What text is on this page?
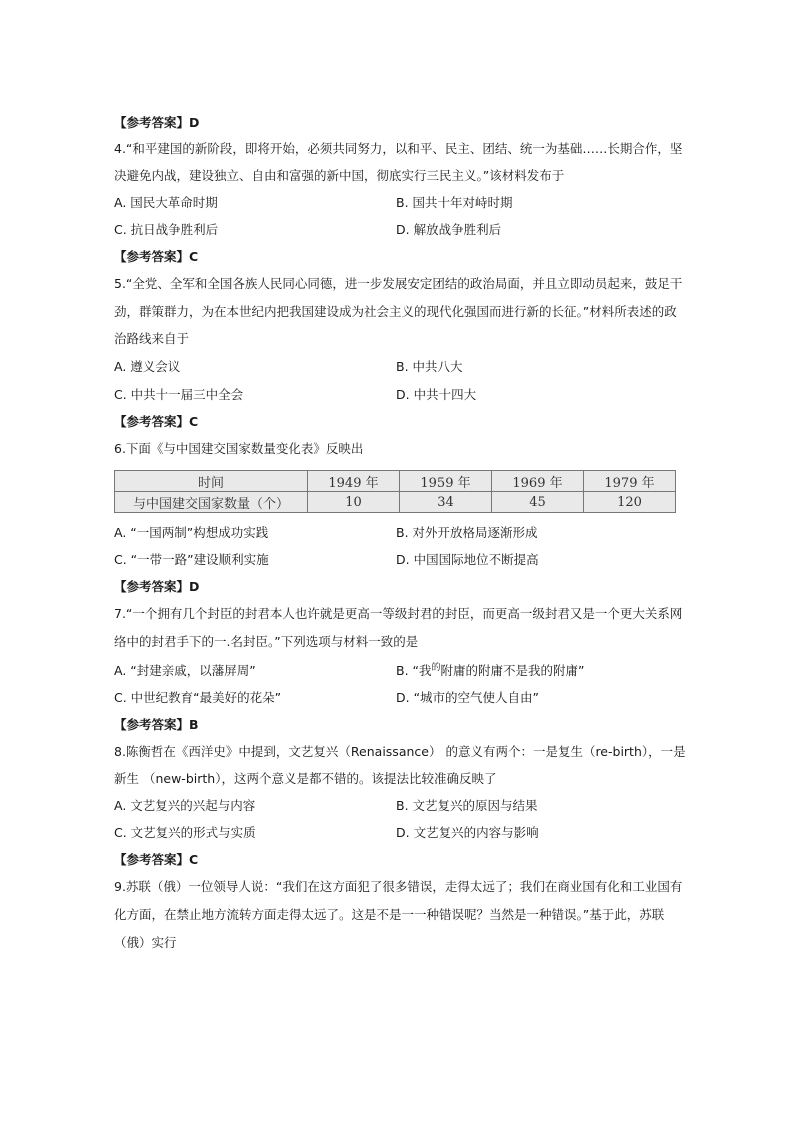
【参考答案】D
4.“和平建国的新阶段，即将开始，必须共同努力，以和平、民主、团结、统一为基础……长期合作，坚
决避免内战，建设独立、自由和富强的新中国，彻底实行三民主义。”该材料发布于
A. 国民大革命时期	B. 国共十年对峙时期
C. 抗日战争胜利后	D. 解放战争胜利后
【参考答案】C
5.“全党、全军和全国各族人民同心同德，进一步发展安定团结的政治局面，并且立即动员起来，鼓足干
劲，群策群力，为在本世纪内把我国建设成为社会主义的现代化强国而进行新的长征。”材料所表述的政
治路线来自于
A. 遵义会议	B. 中共八大
C. 中共十一届三中全会	D. 中共十四大
【参考答案】C
6.下面《与中国建交国家数量变化表》反映出
时间	1949 年	1959 年	1969 年	1979 年
与中国建交国家数量（个）	10	34	45	120
A. “一国两制”构想成功实践	B. 对外开放格局逐渐形成
C. “一带一路”建设顺利实施	D. 中国国际地位不断提高
【参考答案】D
7.“一个拥有几个封臣的封君本人也许就是更高一等级封君的封臣，而更高一级封君又是一个更大关系网
络中的封君手下的一.名封臣。”下列选项与材料一致的是
A. “封建亲戚，以藩屏周”	B. “我$^的$附庸的附庸不是我的附庸”
C. 中世纪教育“最美好的花朵”	D. “城市的空气使人自由”
【参考答案】B
8.陈衡哲在《西洋史》中提到，文艺复兴（Renaissance） 的意义有两个：一是复生（re-birth），一是
新生 （new-birth），这两个意义是都不错的。该提法比较准确反映了
A. 文艺复兴的兴起与内容	B. 文艺复兴的原因与结果
C. 文艺复兴的形式与实质	D. 文艺复兴的内容与影响
【参考答案】C
9.苏联（俄）一位领导人说：“我们在这方面犯了很多错误，走得太远了；我们在商业国有化和工业国有
化方面，在禁止地方流转方面走得太远了。这是不是一一种错误呢？当然是一种错误。”基于此，苏联
（俄）实行
